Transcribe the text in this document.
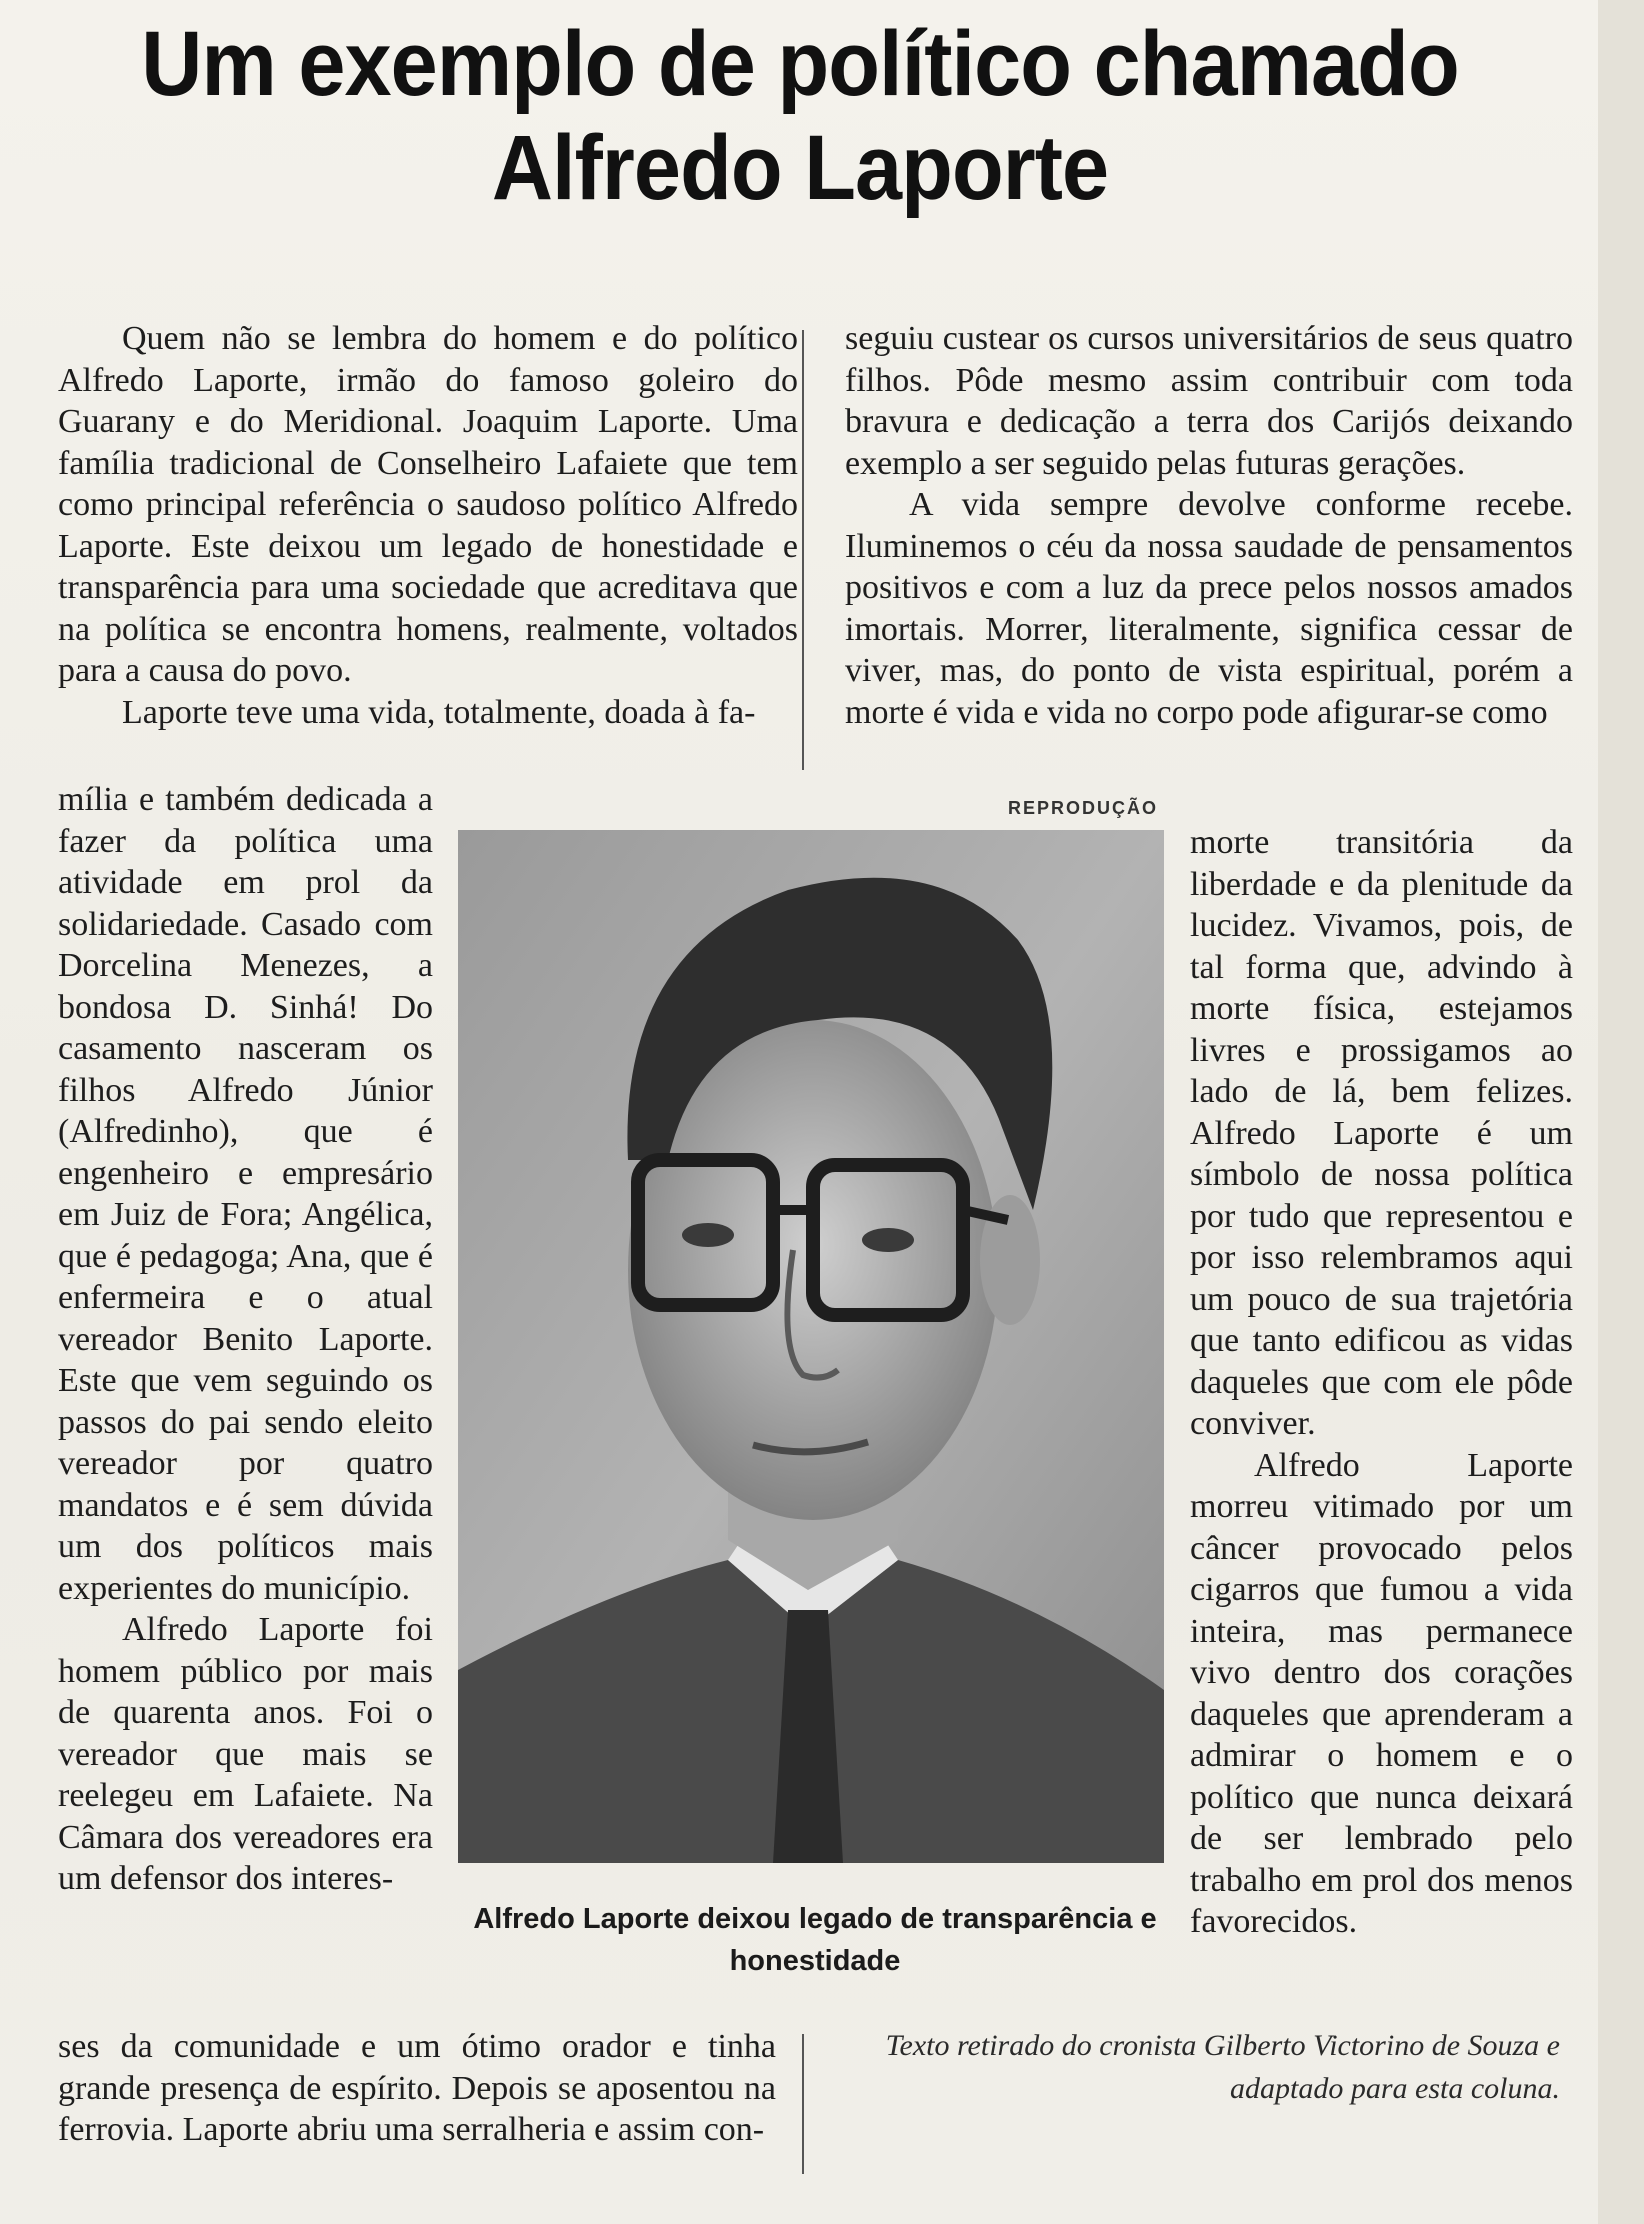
Um exemplo de político chamado Alfredo Laporte

Quem não se lembra do homem e do político Alfredo Laporte, irmão do famoso goleiro do Guarany e do Meridional. Joaquim Laporte. Uma família tradicional de Conselheiro Lafaiete que tem como principal referência o saudoso político Alfredo Laporte. Este deixou um legado de honestidade e transparência para uma sociedade que acreditava que na política se encontra homens, realmente, voltados para a causa do povo.

Laporte teve uma vida, totalmente, doada à fa-

mília e também dedicada a fazer da política uma atividade em prol da solidariedade. Casado com Dorcelina Menezes, a bondosa D. Sinhá! Do casamento nasceram os filhos Alfredo Júnior (Alfredinho), que é engenheiro e empresário em Juiz de Fora; Angélica, que é pedagoga; Ana, que é enfermeira e o atual vereador Benito Laporte. Este que vem seguindo os passos do pai sendo eleito vereador por quatro mandatos e é sem dúvida um dos políticos mais experientes do município.

Alfredo Laporte foi homem público por mais de quarenta anos. Foi o vereador que mais se reelegeu em Lafaiete. Na Câmara dos vereadores era um defensor dos interes-

ses da comunidade e um ótimo orador e tinha grande presença de espírito. Depois se aposentou na ferrovia. Laporte abriu uma serralheria e assim con-

seguiu custear os cursos universitários de seus quatro filhos. Pôde mesmo assim contribuir com toda bravura e dedicação a terra dos Carijós deixando exemplo a ser seguido pelas futuras gerações.

A vida sempre devolve conforme recebe. Iluminemos o céu da nossa saudade de pensamentos positivos e com a luz da prece pelos nossos amados imortais. Morrer, literalmente, significa cessar de viver, mas, do ponto de vista espiritual, porém a morte é vida e vida no corpo pode afigurar-se como

morte transitória da liberdade e da plenitude da lucidez. Vivamos, pois, de tal forma que, advindo à morte física, estejamos livres e prossigamos ao lado de lá, bem felizes. Alfredo Laporte é um símbolo de nossa política por tudo que representou e por isso relembramos aqui um pouco de sua trajetória que tanto edificou as vidas daqueles que com ele pôde conviver.

Alfredo Laporte morreu vitimado por um câncer provocado pelos cigarros que fumou a vida inteira, mas permanece vivo dentro dos corações daqueles que aprenderam a admirar o homem e o político que nunca deixará de ser lembrado pelo trabalho em prol dos menos favorecidos.

REPRODUÇÃO
Alfredo Laporte deixou legado de transparência e honestidade
Texto retirado do cronista Gilberto Victorino de Souza e adaptado para esta coluna.
